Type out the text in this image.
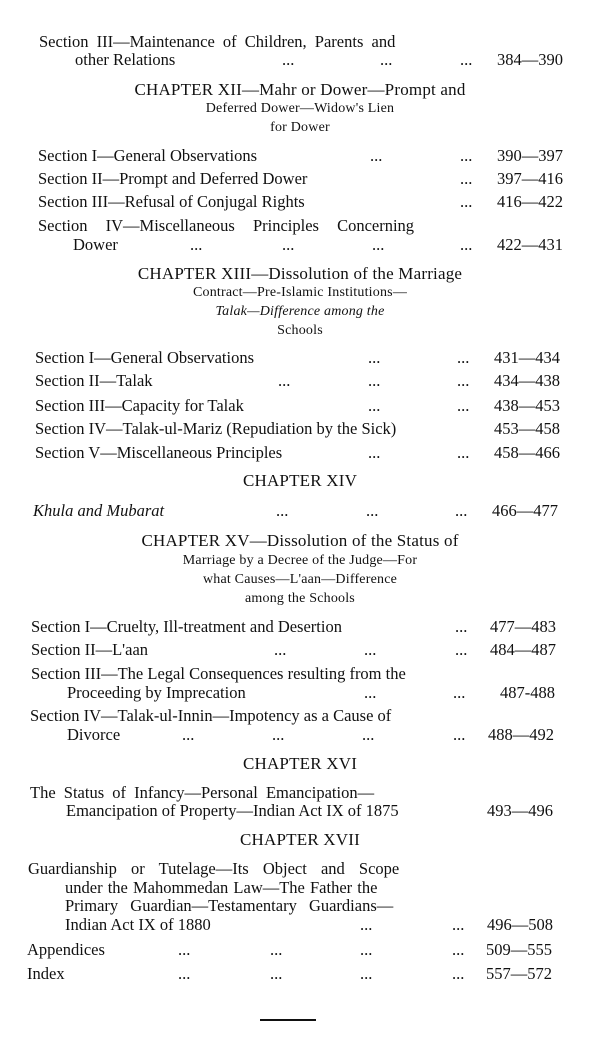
Section III—Maintenance of Children, Parents and
other Relations	...	...	... 384—390
CHAPTER XII—Mahr or Dower—Prompt and
Deferred Dower—Widow's Lien
for Dower
Section I—General Observations	...	... 390—397
Section II—Prompt and Deferred Dower	... 397—416
Section III—Refusal of Conjugal Rights	... 416—422
Section IV—Miscellaneous Principles Concerning
Dower	...	...	...	... 422—431
CHAPTER XIII—Dissolution of the Marriage
Contract—Pre-Islamic Institutions—
Talak—Difference among the
Schools
Section I—General Observations	...	... 431—434
Section II—Talak	...	...	... 434—438
Section III—Capacity for Talak	...	... 438—453
Section IV—Talak-ul-Mariz (Repudiation by the Sick)	453—458
Section V—Miscellaneous Principles	...	... 458—466
CHAPTER XIV
Khula and Mubarat	...	...	... 466—477
CHAPTER XV—Dissolution of the Status of
Marriage by a Decree of the Judge—For
what Causes—L'aan—Difference
among the Schools
Section I—Cruelty, Ill-treatment and Desertion	... 477—483
Section II—L'aan	...	...	... 484—487
Section III—The Legal Consequences resulting from the
Proceeding by Imprecation	...	... 487-488
Section IV—Talak-ul-Innin—Impotency as a Cause of
Divorce	...	...	...	... 488—492
CHAPTER XVI
The Status of Infancy—Personal Emancipation—
Emancipation of Property—Indian Act IX of 1875	493—496
CHAPTER XVII
Guardianship or Tutelage—Its Object and Scope
under the Mahommedan Law—The Father the
Primary Guardian—Testamentary Guardians—
Indian Act IX of 1880	...	... 496—508
Appendices	...	...	...	... 509—555
Index	...	...	...	... 557—572
